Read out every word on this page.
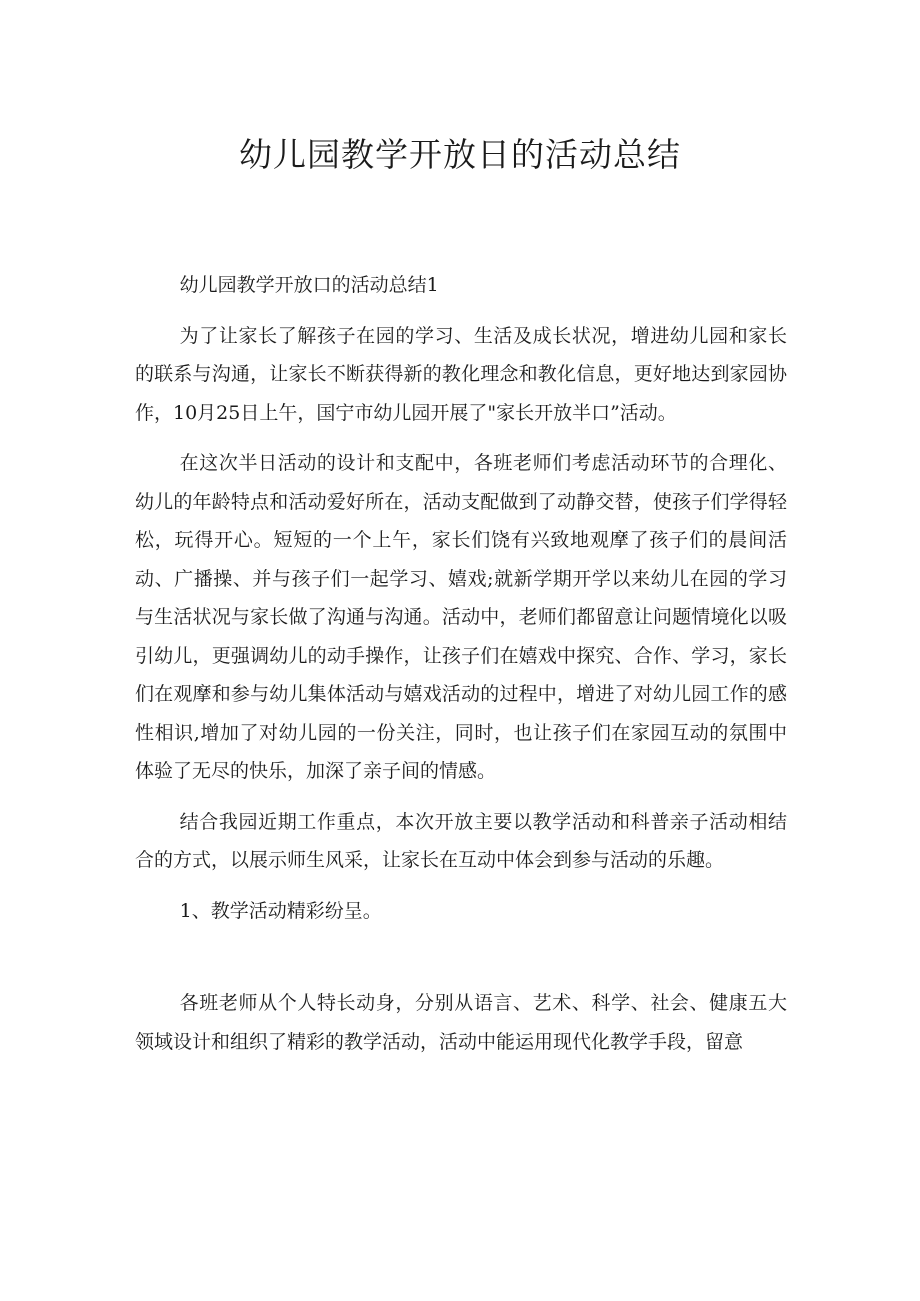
幼儿园教学开放日的活动总结

幼儿园教学开放口的活动总结1

为了让家长了解孩子在园的学习、生活及成长状况，增进幼儿园和家长的联系与沟通，让家长不断获得新的教化理念和教化信息，更好地达到家园协作，10月25日上午，国宁市幼儿园开展了"家长开放半口”活动。

在这次半日活动的设计和支配中，各班老师们考虑活动环节的合理化、幼儿的年龄特点和活动爱好所在，活动支配做到了动静交替，使孩子们学得轻松，玩得开心。短短的一个上午，家长们饶有兴致地观摩了孩子们的晨间活动、广播操、并与孩子们一起学习、嬉戏;就新学期开学以来幼儿在园的学习与生活状况与家长做了沟通与沟通。活动中，老师们都留意让问题情境化以吸引幼儿，更强调幼儿的动手操作，让孩子们在嬉戏中探究、合作、学习，家长们在观摩和参与幼儿集体活动与嬉戏活动的过程中，增进了对幼儿园工作的感性相识,增加了对幼儿园的一份关注，同时，也让孩子们在家园互动的氛围中体验了无尽的快乐，加深了亲子间的情感。

结合我园近期工作重点，本次开放主要以教学活动和科普亲子活动相结合的方式，以展示师生风采，让家长在互动中体会到参与活动的乐趣。

1、教学活动精彩纷呈。

各班老师从个人特长动身，分别从语言、艺术、科学、社会、健康五大领域设计和组织了精彩的教学活动，活动中能运用现代化教学手段，留意
